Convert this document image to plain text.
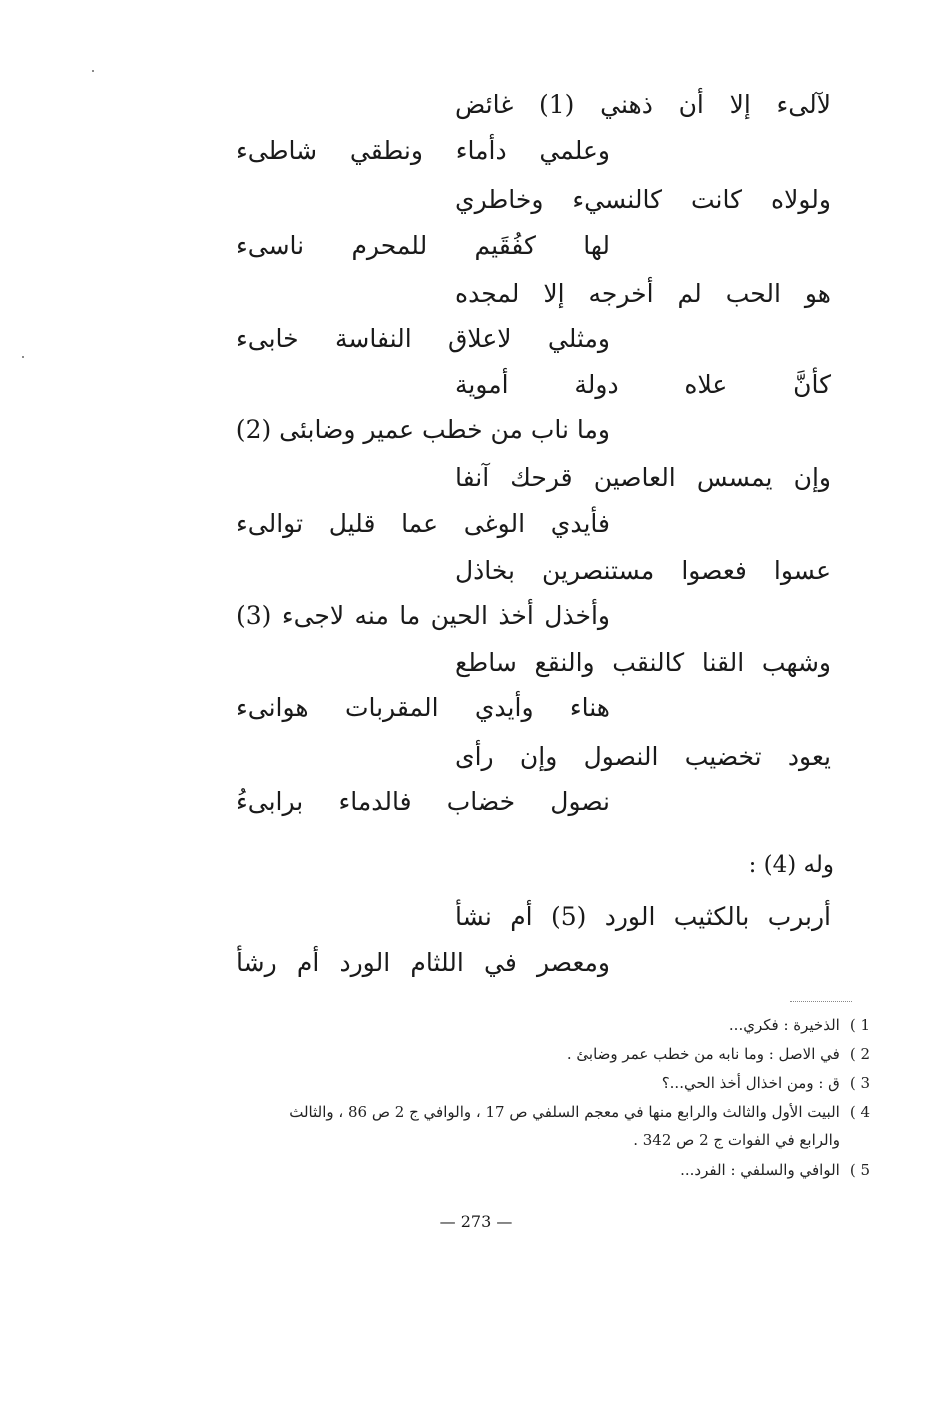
لآلىء إلا أن ذهني (1) غائض
وعلمي دأماء ونطقي شاطىء
ولولاه كانت كالنسيء وخاطري
لها كفُقَيم للمحرم ناسىء
هو الحب لم أخرجه إلا لمجده
ومثلي لاعلاق النفاسة خابىء
كأنَّ علاه دولة أموية
وما ناب من خطب عمير وضابئى (2)
وإن يمسس العاصين قرحك آنفا
فأيدي الوغى عما قليل توالىء
عسوا فعصوا مستنصرين بخاذل
وأخذل أخذ الحين ما منه لاجىء (3)
وشهب القنا كالنقب والنقع ساطع
هناء وأيدي المقربات هوانىء
يعود تخضيب النصول وإن رأى
نصول خضاب فالدماء برابىءُ
وله (4) :
أربرب بالكثيب الورد (5) أم نشأ
ومعصر في اللثام الورد أم رشأ
1 )الذخيرة : فكري...
2 )في الاصل : وما نابه من خطب عمر وضابئ .
3 )ق : ومن اخذال أخذ الحي...؟
4 )البيت الأول والثالث والرابع منها في معجم السلفي ص 17 ، والوافي ج 2 ص 86 ، والثالث
والرابع في الفوات ج 2 ص 342 .
5 )الوافي والسلفي : الفرد...
— 273 —
